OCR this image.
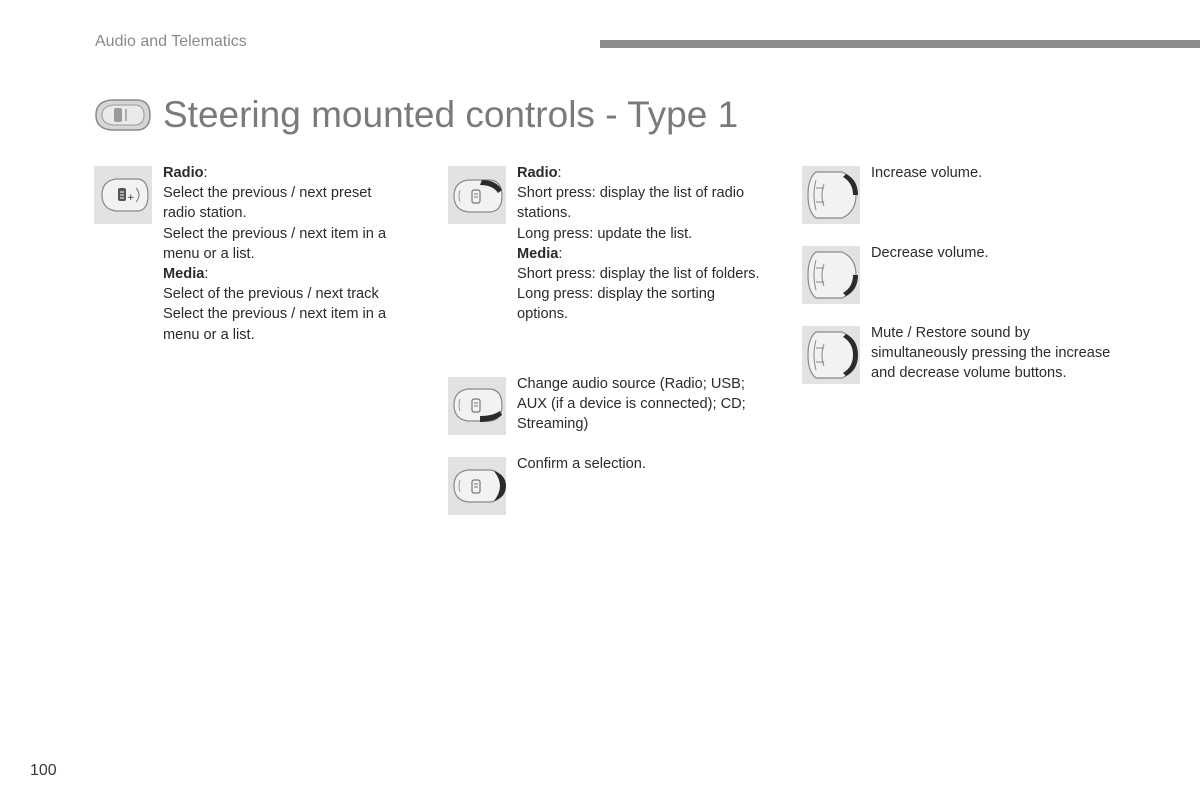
Audio and Telematics
Steering mounted controls - Type 1
+
Radio:
Select the previous / next preset
radio station.
Select the previous / next item in a
menu or a list.
Media:
Select of the previous / next track
Select the previous / next item in a
menu or a list.
Radio:
Short press: display the list of radio
stations.
Long press: update the list.
Media:
Short press: display the list of folders.
Long press: display the sorting
options.
Change audio source (Radio; USB;
AUX (if a device is connected); CD;
Streaming)
Confirm a selection.
Increase volume.
Decrease volume.
Mute / Restore sound by
simultaneously pressing the increase
and decrease volume buttons.
100
